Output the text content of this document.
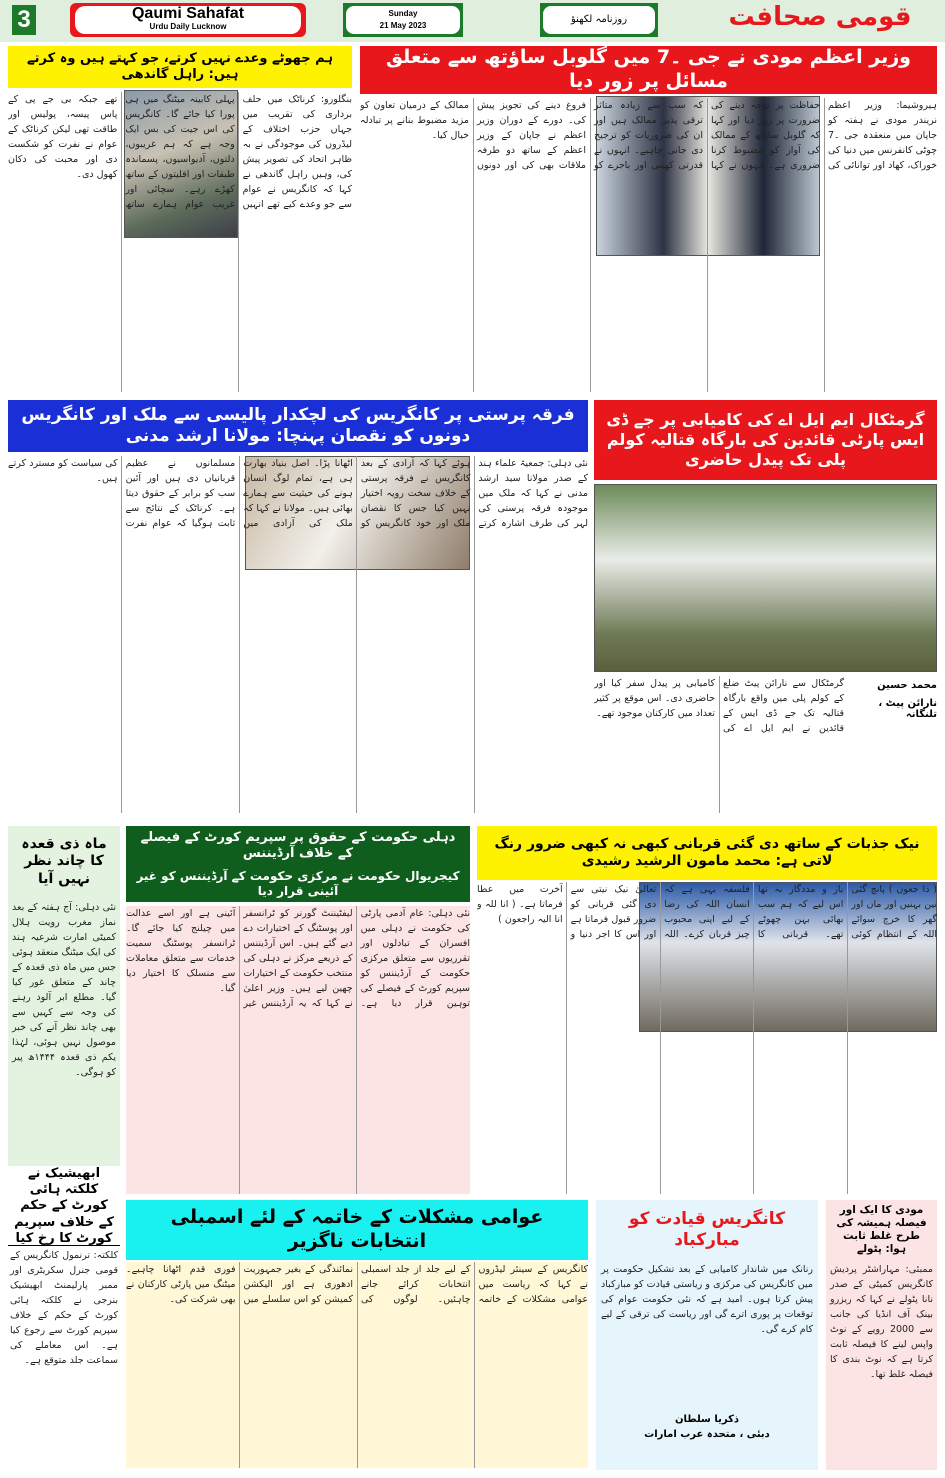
3	Qaumi Sahafat
Urdu Daily Lucknow
Sunday
21 May 2023
روزنامہ لکھنؤ	قومی صحافت
ہم جھوٹے وعدے نہیں کرتے، جو کہتے ہیں وہ کرتے ہیں: راہل گاندھی
بنگلورو: کرناٹک میں حلف برداری کی تقریب میں جہاں حزب اختلاف کے لیڈروں کی موجودگی نے بہ ظاہر اتحاد کی تصویر پیش کی، وہیں راہل گاندھی نے کہا کہ کانگریس نے عوام سے جو وعدے کیے تھے انہیں پہلی کابینہ میٹنگ میں ہی پورا کیا جائے گا۔ کانگریس کی اس جیت کی بس ایک وجہ ہے کہ ہم غریبوں، دلتوں، آدیواسیوں، پسماندہ طبقات اور اقلیتوں کے ساتھ کھڑے رہے۔ سچائی اور غریب عوام ہمارے ساتھ تھے جبکہ بی جے پی کے پاس پیسہ، پولیس اور طاقت تھی لیکن کرناٹک کے عوام نے نفرت کو شکست دی اور محبت کی دکان کھول دی۔
وزیر اعظم مودی نے جی ۔7 میں گلوبل ساؤتھ سے متعلق مسائل پر زور دیا
ہیروشیما: وزیر اعظم نریندر مودی نے ہفتہ کو جاپان میں منعقدہ جی ۔7 چوٹی کانفرنس میں دنیا کی خوراک، کھاد اور توانائی کی حفاظت پر توجہ دینے کی ضرورت پر زور دیا اور کہا کہ گلوبل ساؤتھ کے ممالک کی آواز کو مضبوط کرنا ضروری ہے۔ انہوں نے کہا کہ سب سے زیادہ متاثر ترقی پذیر ممالک ہیں اور ان کی ضروریات کو ترجیح دی جانی چاہیے۔ انہوں نے قدرتی کھیتی اور باجرے کو فروغ دینے کی تجویز پیش کی۔ دورے کے دوران وزیر اعظم نے جاپان کے وزیر اعظم کے ساتھ دو طرفہ ملاقات بھی کی اور دونوں ممالک کے درمیان تعاون کو مزید مضبوط بنانے پر تبادلہ خیال کیا۔
فرقہ پرستی پر کانگریس کی لچکدار پالیسی سے ملک اور کانگریس دونوں کو نقصان پہنچا: مولانا ارشد مدنی
نئی دہلی: جمعیۃ علماء ہند کے صدر مولانا سید ارشد مدنی نے کہا کہ ملک میں موجودہ فرقہ پرستی کی لہر کی طرف اشارہ کرتے ہوئے کہا کہ آزادی کے بعد کانگریس نے فرقہ پرستی کے خلاف سخت رویہ اختیار نہیں کیا جس کا نقصان ملک اور خود کانگریس کو اٹھانا پڑا۔ اصل بنیاد بھارت ہی ہے، تمام لوگ انسان ہونے کی حیثیت سے ہمارے بھائی ہیں۔ مولانا نے کہا کہ ملک کی آزادی میں مسلمانوں نے عظیم قربانیاں دی ہیں اور آئین سب کو برابر کے حقوق دیتا ہے۔ کرناٹک کے نتائج سے ثابت ہوگیا کہ عوام نفرت کی سیاست کو مسترد کرتے ہیں۔
گرمٹکال ایم ایل اے کی کامیابی پر جے ڈی ایس پارٹی قائدین کی بارگاہ قتالیہ کولم پلی تک پیدل حاضری
گرمٹکال سے نارائن پیٹ ضلع کے کولم پلی میں واقع بارگاہ قتالیہ تک جے ڈی ایس کے قائدین نے ایم ایل اے کی کامیابی پر پیدل سفر کیا اور حاضری دی۔ اس موقع پر کثیر تعداد میں کارکنان موجود تھے۔
محمد حسین
نارائن پیٹ ، تلنگانہ
ماہ ذی قعدہ کا چاند نظر نہیں آیا
نئی دہلی: آج ہفتہ کے بعد نماز مغرب رویت ہلال کمیٹی امارت شرعیہ ہند کی ایک میٹنگ منعقد ہوئی جس میں ماہ ذی قعدہ کے چاند کے متعلق غور کیا گیا۔ مطلع ابر آلود رہنے کی وجہ سے کہیں سے بھی چاند نظر آنے کی خبر موصول نہیں ہوئی، لہٰذا یکم ذی قعدہ ۱۴۴۴ھ پیر کو ہوگی۔
دہلی حکومت کے حقوق پر سپریم کورٹ کے فیصلے کے خلاف آرڈیننس
کیجریوال حکومت نے مرکزی حکومت کے آرڈیننس کو غیر آئینی قرار دیا
نئی دہلی: عام آدمی پارٹی کی حکومت نے دہلی میں افسران کے تبادلوں اور تقرریوں سے متعلق مرکزی حکومت کے آرڈیننس کو سپریم کورٹ کے فیصلے کی توہین قرار دیا ہے۔ لیفٹیننٹ گورنر کو ٹرانسفر اور پوسٹنگ کے اختیارات دے دیے گئے ہیں۔ اس آرڈیننس کے ذریعے مرکز نے دہلی کی منتخب حکومت کے اختیارات چھین لیے ہیں۔ وزیر اعلیٰ نے کہا کہ یہ آرڈیننس غیر آئینی ہے اور اسے عدالت میں چیلنج کیا جائے گا۔ ٹرانسفر پوسٹنگ سمیت خدمات سے متعلق معاملات سے منسلک کا اختیار دیا گیا۔
نیک جذبات کے ساتھ دی گئی قربانی کبھی نہ کبھی ضرور رنگ لاتی ہے: محمد مامون الرشید رشیدی
( ذا جعون ) پانچ گئی تین بہنیں اور ماں اور گھر کا خرچ سوائے اللہ کے انتظام کوئی یار و مددگار نہ تھا اس لیے کہ ہم سب بھائی بہن چھوٹے تھے۔ قربانی کا فلسفہ یہی ہے کہ انسان اللہ کی رضا کے لیے اپنی محبوب چیز قربان کرے۔ اللہ تعالیٰ نیک نیتی سے دی گئی قربانی کو ضرور قبول فرماتا ہے اور اس کا اجر دنیا و آخرت میں عطا فرماتا ہے۔ ( انا للہ و انا الیہ راجعون )
ابھیشیک نے کلکتہ ہائی کورٹ کے حکم کے خلاف سپریم کورٹ کا رخ کیا
کلکتہ: ترنمول کانگریس کے قومی جنرل سکریٹری اور ممبر پارلیمنٹ ابھیشیک بنرجی نے کلکتہ ہائی کورٹ کے حکم کے خلاف سپریم کورٹ سے رجوع کیا ہے۔ اس معاملے کی سماعت جلد متوقع ہے۔
عوامی مشکلات کے خاتمہ کے لئے اسمبلی انتخابات ناگزیر
کانگریس کے سینئر لیڈروں نے کہا کہ ریاست میں عوامی مشکلات کے خاتمہ کے لیے جلد از جلد اسمبلی انتخابات کرائے جانے چاہئیں۔ لوگوں کی نمائندگی کے بغیر جمہوریت ادھوری ہے اور الیکشن کمیشن کو اس سلسلے میں فوری قدم اٹھانا چاہیے۔ میٹنگ میں پارٹی کارکنان نے بھی شرکت کی۔
کانگریس قیادت کو مبارکباد
رنانک میں شاندار کامیابی کے بعد تشکیل حکومت پر میں کانگریس کی مرکزی و ریاستی قیادت کو مبارکباد پیش کرتا ہوں۔ امید ہے کہ نئی حکومت عوام کی توقعات پر پوری اترے گی اور ریاست کی ترقی کے لیے کام کرے گی۔
ذکریا سلطان
دبئی ، متحدہ عرب امارات
مودی کا ایک اور فیصلہ ہمیشہ کی طرح غلط ثابت ہوا: پٹولے
ممبئی: مہاراشٹر پردیش کانگریس کمیٹی کے صدر نانا پٹولے نے کہا کہ ریزرو بینک آف انڈیا کی جانب سے 2000 روپے کے نوٹ واپس لینے کا فیصلہ ثابت کرتا ہے کہ نوٹ بندی کا فیصلہ غلط تھا۔
